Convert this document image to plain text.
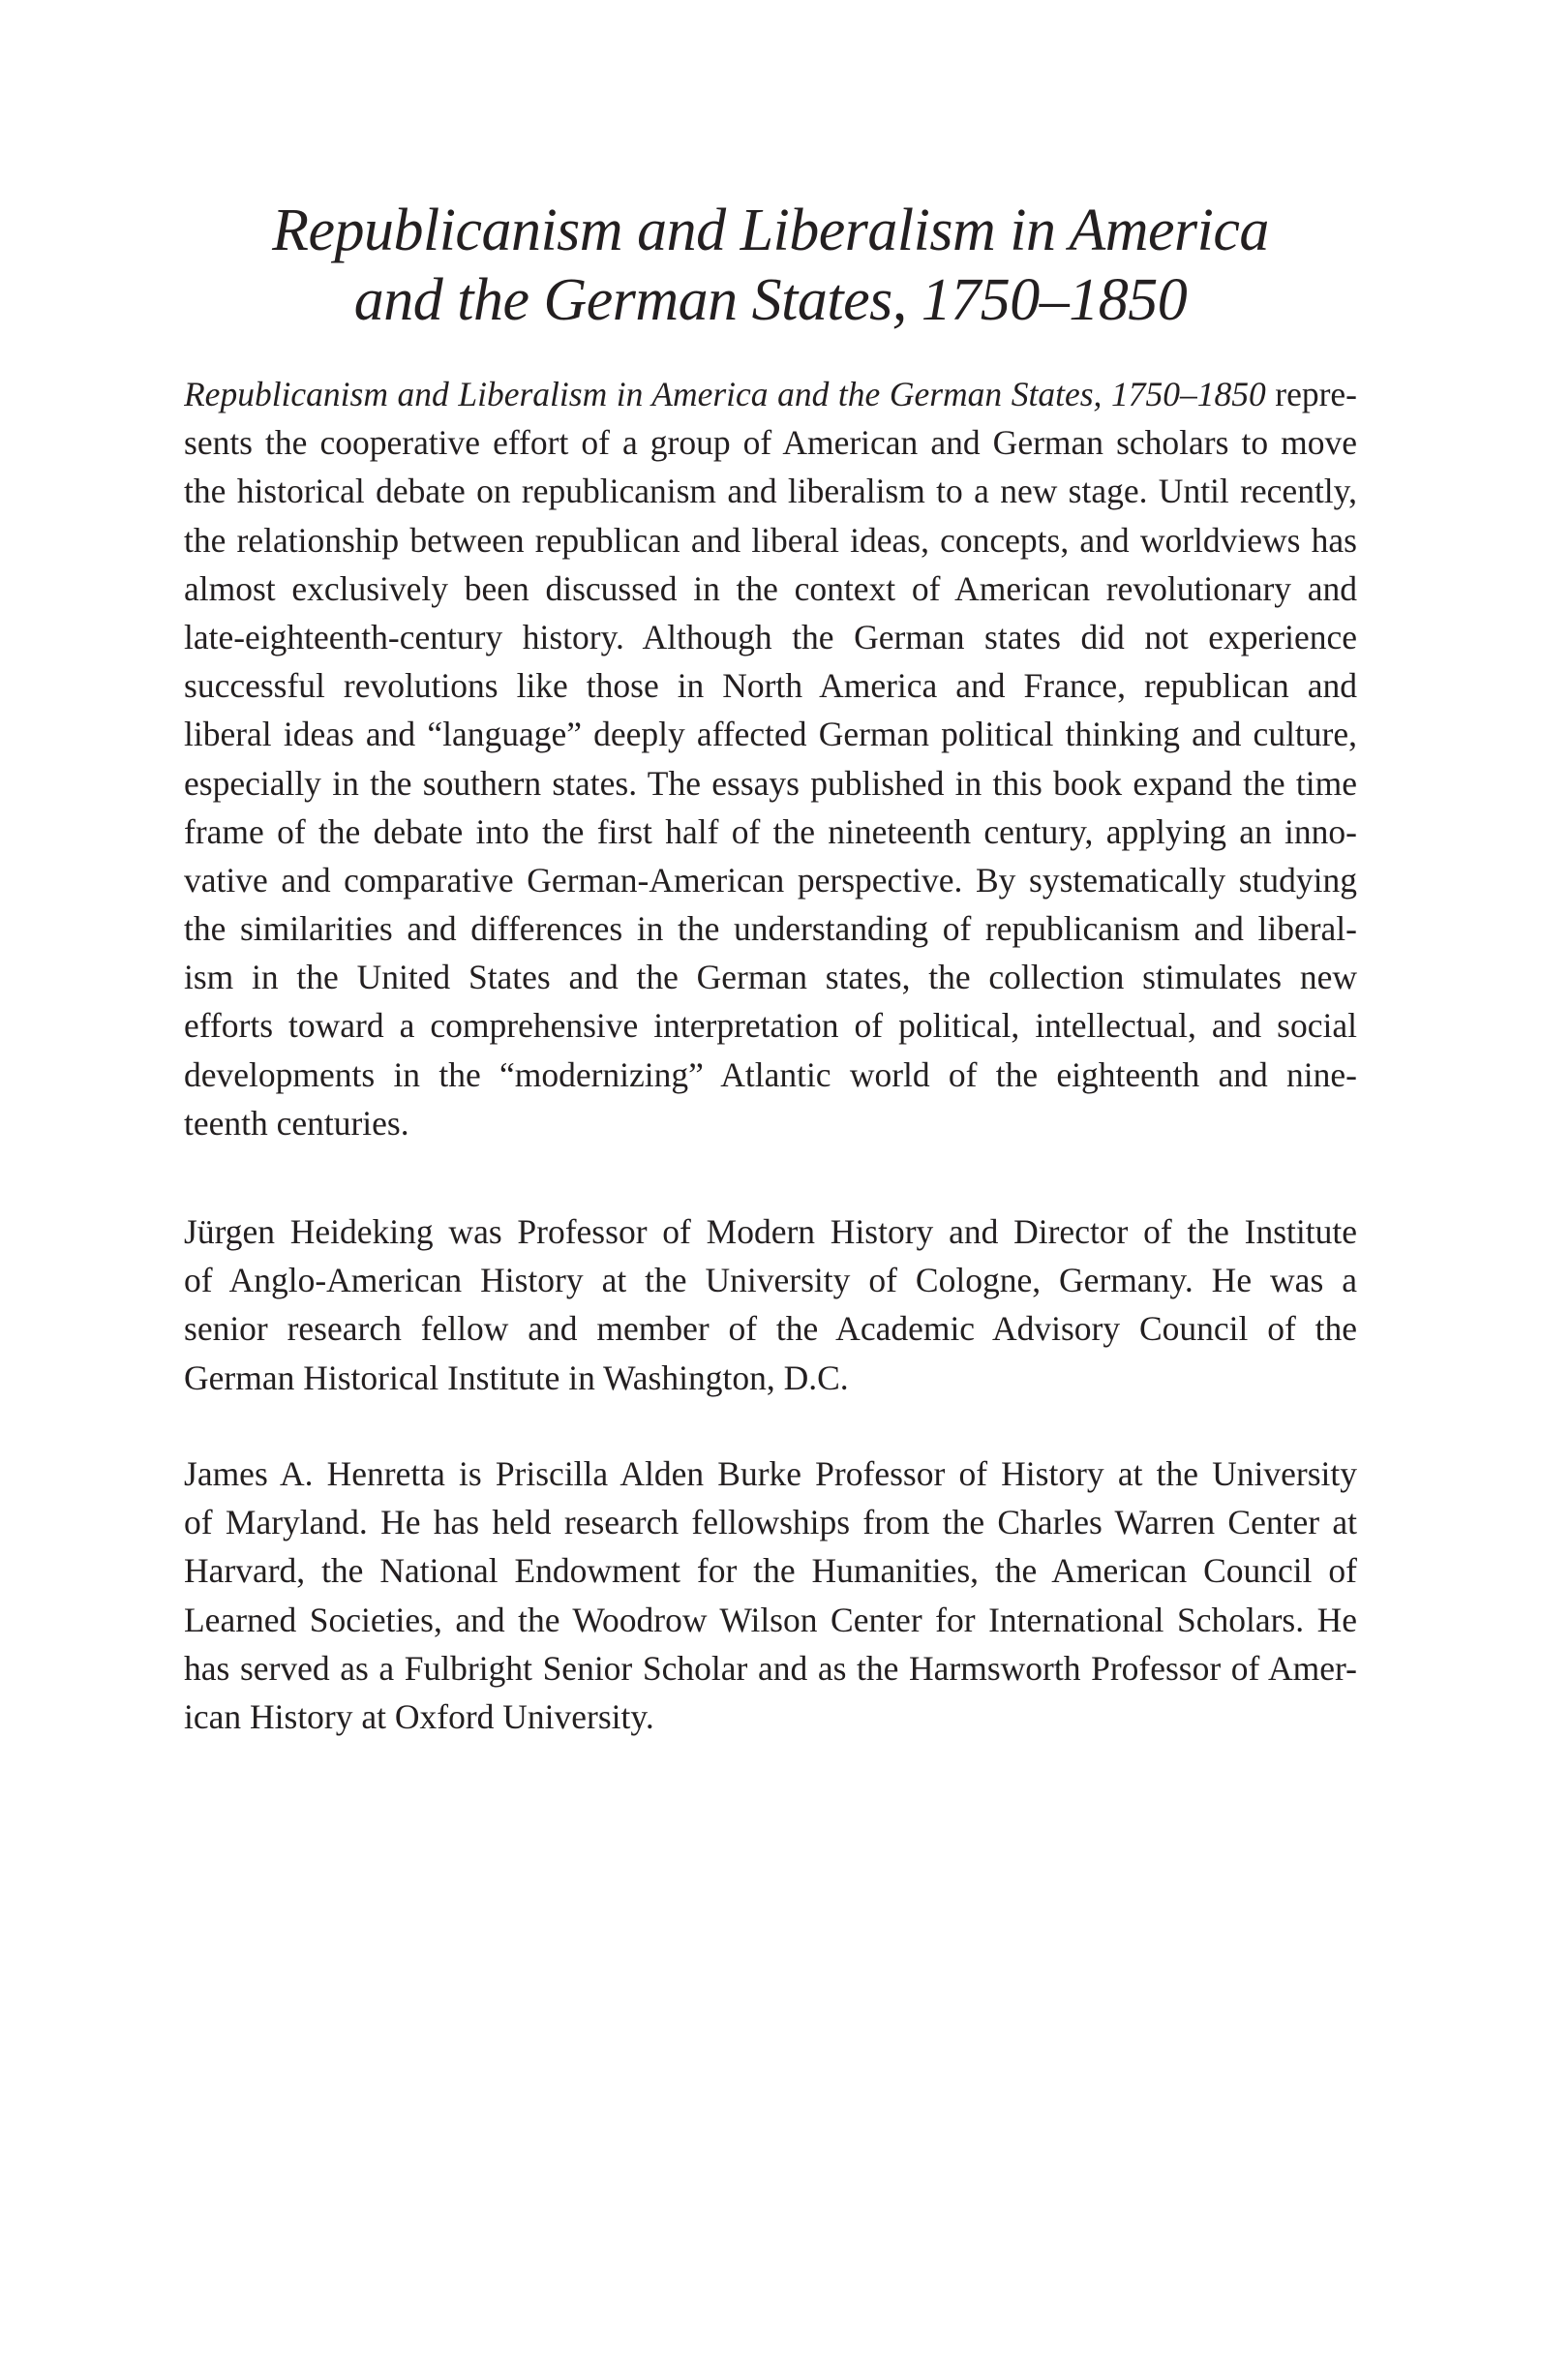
Republicanism and Liberalism in America
and the German States, 1750–1850
Republicanism and Liberalism in America and the German States, 1750–1850 repre-
sents the cooperative effort of a group of American and German scholars to move
the historical debate on republicanism and liberalism to a new stage. Until recently,
the relationship between republican and liberal ideas, concepts, and worldviews has
almost exclusively been discussed in the context of American revolutionary and
late-eighteenth-century history. Although the German states did not experience
successful revolutions like those in North America and France, republican and
liberal ideas and “language” deeply affected German political thinking and culture,
especially in the southern states. The essays published in this book expand the time
frame of the debate into the first half of the nineteenth century, applying an inno-
vative and comparative German-American perspective. By systematically studying
the similarities and differences in the understanding of republicanism and liberal-
ism in the United States and the German states, the collection stimulates new
efforts toward a comprehensive interpretation of political, intellectual, and social
developments in the “modernizing” Atlantic world of the eighteenth and nine-
teenth centuries.
Jürgen Heideking was Professor of Modern History and Director of the Institute
of Anglo-American History at the University of Cologne, Germany. He was a
senior research fellow and member of the Academic Advisory Council of the
German Historical Institute in Washington, D.C.
James A. Henretta is Priscilla Alden Burke Professor of History at the University
of Maryland. He has held research fellowships from the Charles Warren Center at
Harvard, the National Endowment for the Humanities, the American Council of
Learned Societies, and the Woodrow Wilson Center for International Scholars. He
has served as a Fulbright Senior Scholar and as the Harmsworth Professor of Amer-
ican History at Oxford University.
